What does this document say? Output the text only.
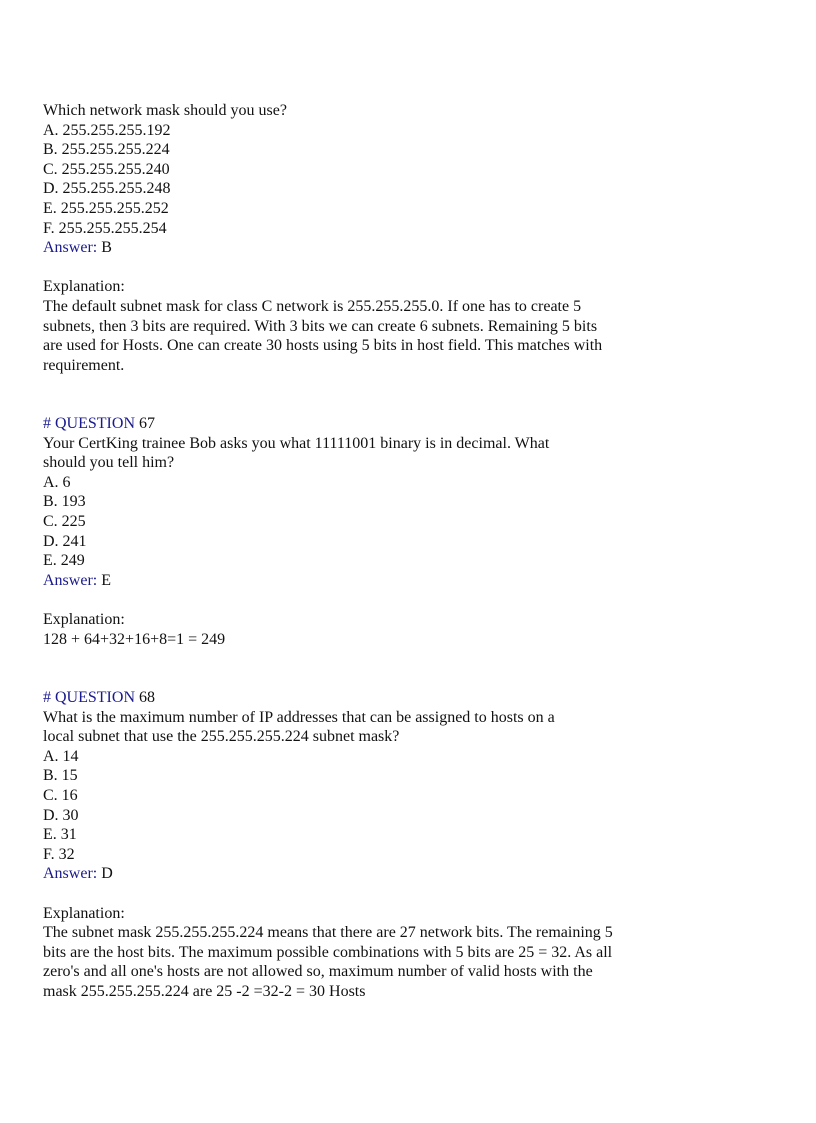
Which network mask should you use?
A. 255.255.255.192
B. 255.255.255.224
C. 255.255.255.240
D. 255.255.255.248
E. 255.255.255.252
F. 255.255.255.254
Answer: B
Explanation:
The default subnet mask for class C network is 255.255.255.0. If one has to create 5
subnets, then 3 bits are required. With 3 bits we can create 6 subnets. Remaining 5 bits
are used for Hosts. One can create 30 hosts using 5 bits in host field. This matches with
requirement.
# QUESTION 67
Your CertKing trainee Bob asks you what 11111001 binary is in decimal. What
should you tell him?
A. 6
B. 193
C. 225
D. 241
E. 249
Answer: E
Explanation:
128 + 64+32+16+8=1 = 249
# QUESTION 68
What is the maximum number of IP addresses that can be assigned to hosts on a
local subnet that use the 255.255.255.224 subnet mask?
A. 14
B. 15
C. 16
D. 30
E. 31
F. 32
Answer: D
Explanation:
The subnet mask 255.255.255.224 means that there are 27 network bits. The remaining 5
bits are the host bits. The maximum possible combinations with 5 bits are 25 = 32. As all
zero's and all one's hosts are not allowed so, maximum number of valid hosts with the
mask 255.255.255.224 are 25 -2 =32-2 = 30 Hosts
